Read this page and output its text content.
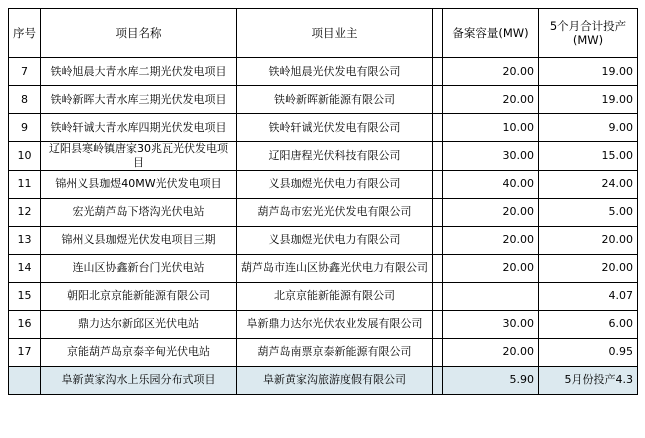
序号	项目名称	项目业主		备案容量(MW)	5个月合计投产
(MW)

7	铁岭旭晨大青水库二期光伏发电项目	铁岭旭晨光伏发电有限公司		20.00	19.00
8	铁岭新晖大青水库三期光伏发电项目	铁岭新晖新能源有限公司		20.00	19.00
9	铁岭轩诚大青水库四期光伏发电项目	铁岭轩诚光伏发电有限公司		10.00	9.00
10	辽阳县寒岭镇唐家30兆瓦光伏发电项目	辽阳唐程光伏科技有限公司		30.00	15.00
11	锦州义县珈煜40MW光伏发电项目	义县珈煜光伏电力有限公司		40.00	24.00
12	宏光葫芦岛下塔沟光伏电站	葫芦岛市宏光光伏发电有限公司		20.00	5.00
13	锦州义县珈煜光伏发电项目三期	义县珈煜光伏电力有限公司		20.00	20.00
14	连山区协鑫新台门光伏电站	葫芦岛市连山区协鑫光伏电力有限公司		20.00	20.00
15	朝阳北京京能新能源有限公司	北京京能新能源有限公司			4.07
16	鼎力达尔新邱区光伏电站	阜新鼎力达尔光伏农业发展有限公司		30.00	6.00
17	京能葫芦岛京泰辛甸光伏电站	葫芦岛南票京泰新能源有限公司		20.00	0.95
	阜新黄家沟水上乐园分布式项目	阜新黄家沟旅游度假有限公司		5.90	5月份投产4.3
